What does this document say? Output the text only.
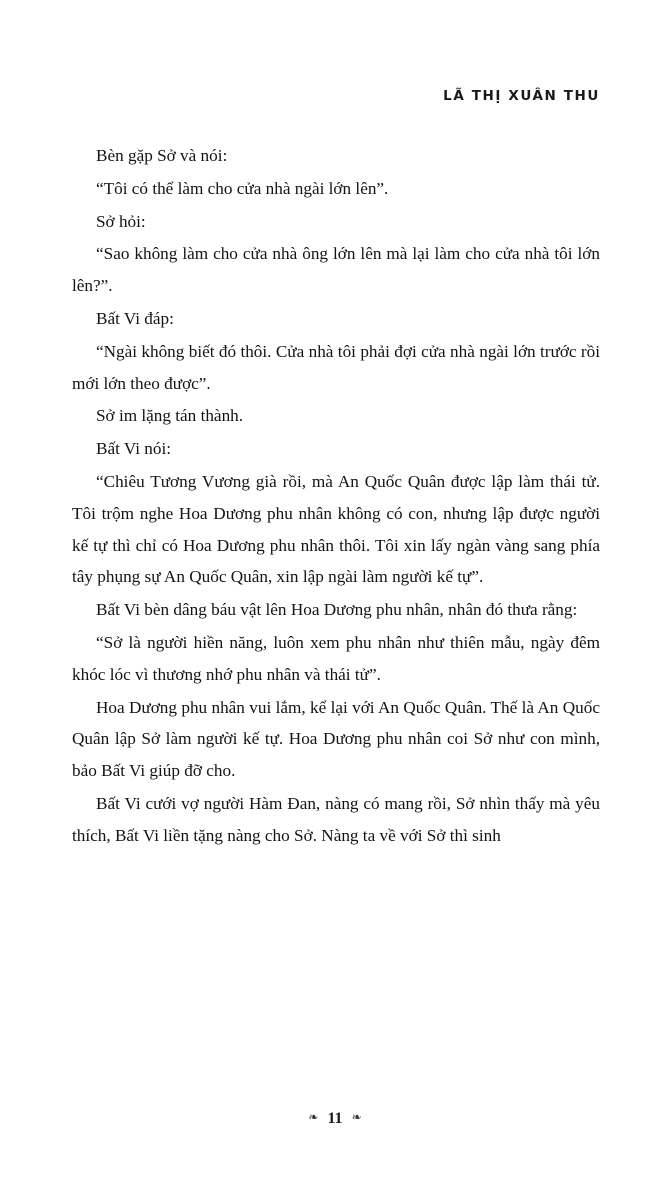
LÃ THỊ XUÂN THU

Bèn gặp Sở và nói:

“Tôi có thể làm cho cửa nhà ngài lớn lên”.

Sở hỏi:

“Sao không làm cho cửa nhà ông lớn lên mà lại làm cho cửa nhà tôi lớn lên?”.

Bất Vi đáp:

“Ngài không biết đó thôi. Cửa nhà tôi phải đợi cửa nhà ngài lớn trước rồi mới lớn theo được”.

Sở im lặng tán thành.

Bất Vi nói:

“Chiêu Tương Vương già rồi, mà An Quốc Quân được lập làm thái tử. Tôi trộm nghe Hoa Dương phu nhân không có con, nhưng lập được người kế tự thì chỉ có Hoa Dương phu nhân thôi. Tôi xin lấy ngàn vàng sang phía tây phụng sự An Quốc Quân, xin lập ngài làm người kế tự”.

Bất Vi bèn dâng báu vật lên Hoa Dương phu nhân, nhân đó thưa rằng:

“Sở là người hiền năng, luôn xem phu nhân như thiên mẫu, ngày đêm khóc lóc vì thương nhớ phu nhân và thái tử”.

Hoa Dương phu nhân vui lắm, kể lại với An Quốc Quân. Thế là An Quốc Quân lập Sở làm người kế tự. Hoa Dương phu nhân coi Sở như con mình, bảo Bất Vi giúp đỡ cho.

Bất Vi cưới vợ người Hàm Đan, nàng có mang rồi, Sở nhìn thấy mà yêu thích, Bất Vi liền tặng nàng cho Sở. Nàng ta về với Sở thì sinh

❧ 11 ❧
